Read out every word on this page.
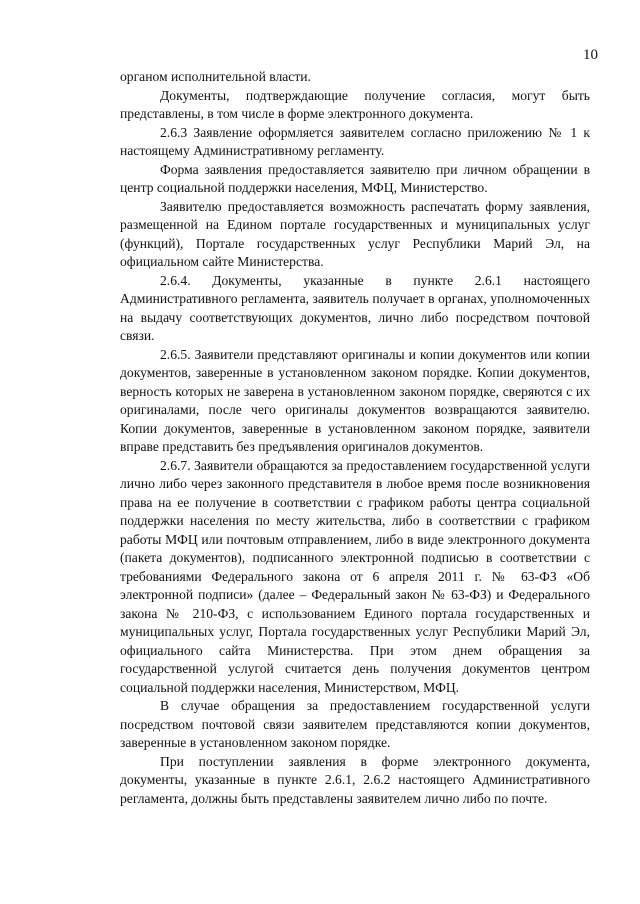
10

органом исполнительной власти.

Документы, подтверждающие получение согласия, могут быть представлены, в том числе в форме электронного документа.

2.6.3 Заявление оформляется заявителем согласно приложению № 1 к настоящему Административному регламенту.

Форма заявления предоставляется заявителю при личном обращении в центр социальной поддержки населения, МФЦ, Министерство.

Заявителю предоставляется возможность распечатать форму заявления, размещенной на Едином портале государственных и муниципальных услуг (функций), Портале государственных услуг Республики Марий Эл, на официальном сайте Министерства.

2.6.4. Документы, указанные в пункте 2.6.1 настоящего Административного регламента, заявитель получает в органах, уполномоченных на выдачу соответствующих документов, лично либо посредством почтовой связи.

2.6.5. Заявители представляют оригиналы и копии документов или копии документов, заверенные в установленном законом порядке. Копии документов, верность которых не заверена в установленном законом порядке, сверяются с их оригиналами, после чего оригиналы документов возвращаются заявителю. Копии документов, заверенные в установленном законом порядке, заявители вправе представить без предъявления оригиналов документов.

2.6.7. Заявители обращаются за предоставлением государственной услуги лично либо через законного представителя в любое время после возникновения права на ее получение в соответствии с графиком работы центра социальной поддержки населения по месту жительства, либо в соответствии с графиком работы МФЦ или почтовым отправлением, либо в виде электронного документа (пакета документов), подписанного электронной подписью в соответствии с требованиями Федерального закона от 6 апреля 2011 г. № 63-ФЗ «Об электронной подписи» (далее – Федеральный закон № 63-ФЗ) и Федерального закона № 210-ФЗ, с использованием Единого портала государственных и муниципальных услуг, Портала государственных услуг Республики Марий Эл, официального сайта Министерства. При этом днем обращения за государственной услугой считается день получения документов центром социальной поддержки населения, Министерством, МФЦ.

В случае обращения за предоставлением государственной услуги посредством почтовой связи заявителем представляются копии документов, заверенные в установленном законом порядке.

При поступлении заявления в форме электронного документа, документы, указанные в пункте 2.6.1, 2.6.2 настоящего Административного регламента, должны быть представлены заявителем лично либо по почте.
